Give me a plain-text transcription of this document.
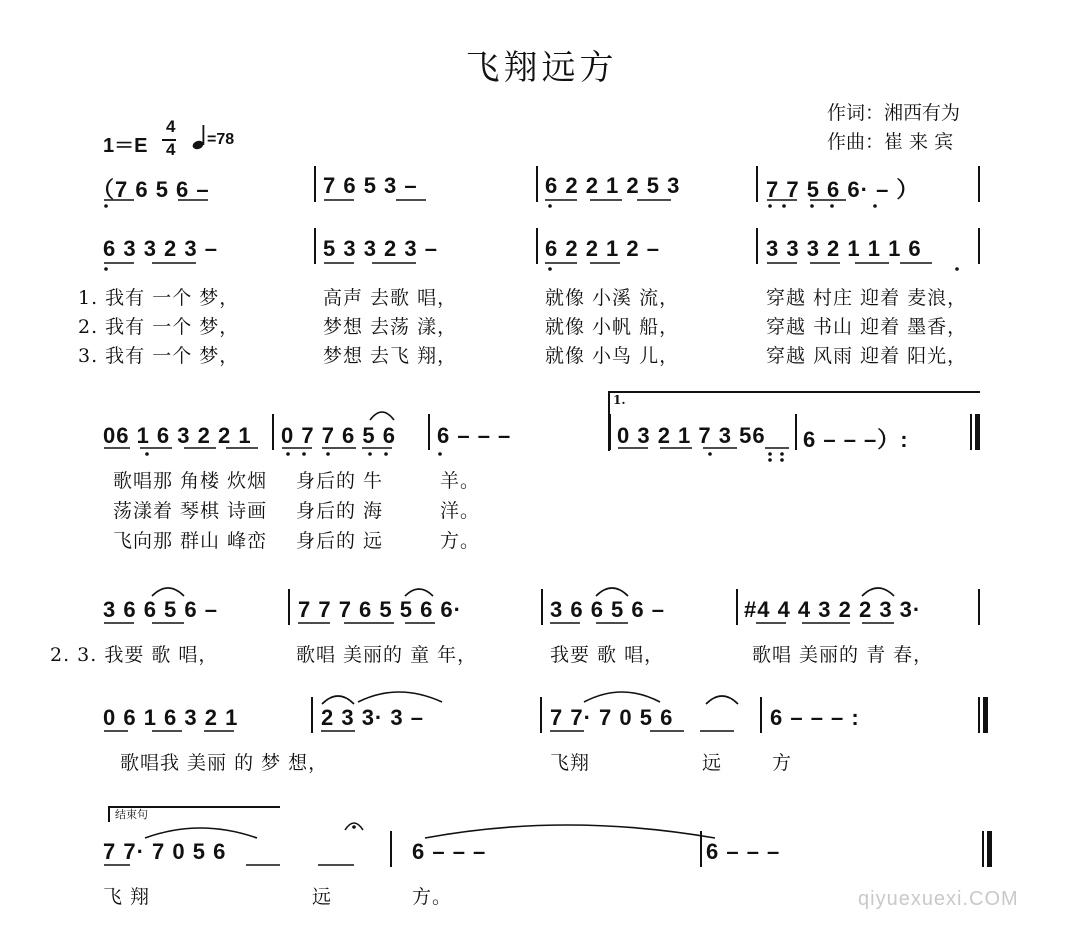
飞翔远方
作词：湘西有为
作曲：崔 来 宾
1＝E
4
4
=78
（7 6 5 6 –	7 6 5 3 –	6 2 2 1 2 5 3	7 7 5 6 6· – ）
6 3 3 2 3 –	5 3 3 2 3 –	6 2 2 1 2 –	3 3 3 2 1 1 1 6
1. 我有 一个 梦，	高声 去歌 唱，	就像 小溪 流，	穿越 村庄 迎着 麦浪，
2. 我有 一个 梦，	梦想 去荡 漾，	就像 小帆 船，	穿越 书山 迎着 墨香，
3. 我有 一个 梦，	梦想 去飞 翔，	就像 小鸟 儿，	穿越 风雨 迎着 阳光，
1.
06 1 6 3 2 2 1 0 7 7 6 5 6 6 – – –	0 3 2 1 7 3 56 6 – – –）:
歌唱那 角楼 炊烟 身后的 牛	羊。
荡漾着 琴棋 诗画 身后的 海	洋。
飞向那 群山 峰峦 身后的 远	方。
3 6 6 5 6 –	7 7 7 6 5 5 6 6·	3 6 6 5 6 –	#4 4 4 3 2 2 3 3·
2. 3. 我要 歌 唱，	歌唱 美丽的 童 年，	我要 歌 唱，	歌唱 美丽的 青 春，
0 6 1 6 3 2 1	2 3 3· 3 –	7 7· 7 0 5 6	6 – – – :
歌唱我 美丽 的 梦 想，	飞翔	远	方
结束句
7 7· 7 0 5 6	6 – – –	6 – – –
飞 翔	远	方。	qiyuexuexi.COM
